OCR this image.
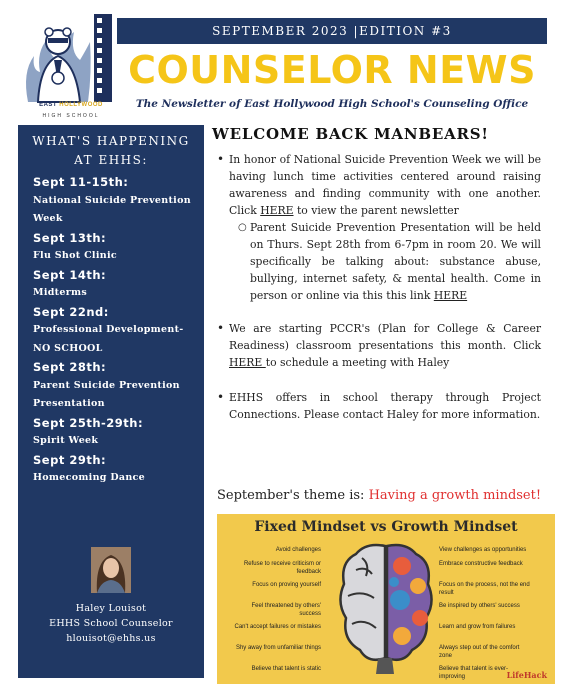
EAST HOLLYWOOD
HIGH SCHOOL
SEPTEMBER 2023 |EDITION #3
COUNSELOR NEWS
The Newsletter of East Hollywood High School's Counseling Office
WHAT'S HAPPENING
AT EHHS:
Sept 11-15th:
National Suicide Prevention Week
Sept 13th:
Flu Shot Clinic
Sept 14th:
Midterms
Sept 22nd:
Professional Development- NO SCHOOL
Sept 28th:
Parent Suicide Prevention Presentation
Sept 25th-29th:
Spirit Week
Sept 29th:
Homecoming Dance
Haley Louisot
EHHS School Counselor
hlouisot@ehhs.us
WELCOME BACK MANBEARS!
• In honor of National Suicide Prevention Week we will be having lunch time activities centered around raising awareness and finding community with one another. Click HERE to view the parent newsletter
○ Parent Suicide Prevention Presentation will be held on Thurs. Sept 28th from 6-7pm in room 20. We will specifically be talking about: substance abuse, bullying, internet safety, & mental health. Come in person or online via this this link HERE
• We are starting PCCR's (Plan for College & Career Readiness) classroom presentations this month. Click HERE to schedule a meeting with Haley
• EHHS offers in school therapy through Project Connections. Please contact Haley for more information.
September's theme is: Having a growth mindset!
Fixed Mindset vs Growth Mindset
Avoid challenges
Refuse to receive criticism or feedback
Focus on proving yourself
Feel threatened by others' success
Can't accept failures or mistakes
Shy away from unfamiliar things
Believe that talent is static
View challenges as opportunities
Embrace constructive feedback
Focus on the process, not the end result
Be inspired by others' success
Learn and grow from failures
Always step out of the comfort zone
Believe that talent is ever-improving	LifeHack
